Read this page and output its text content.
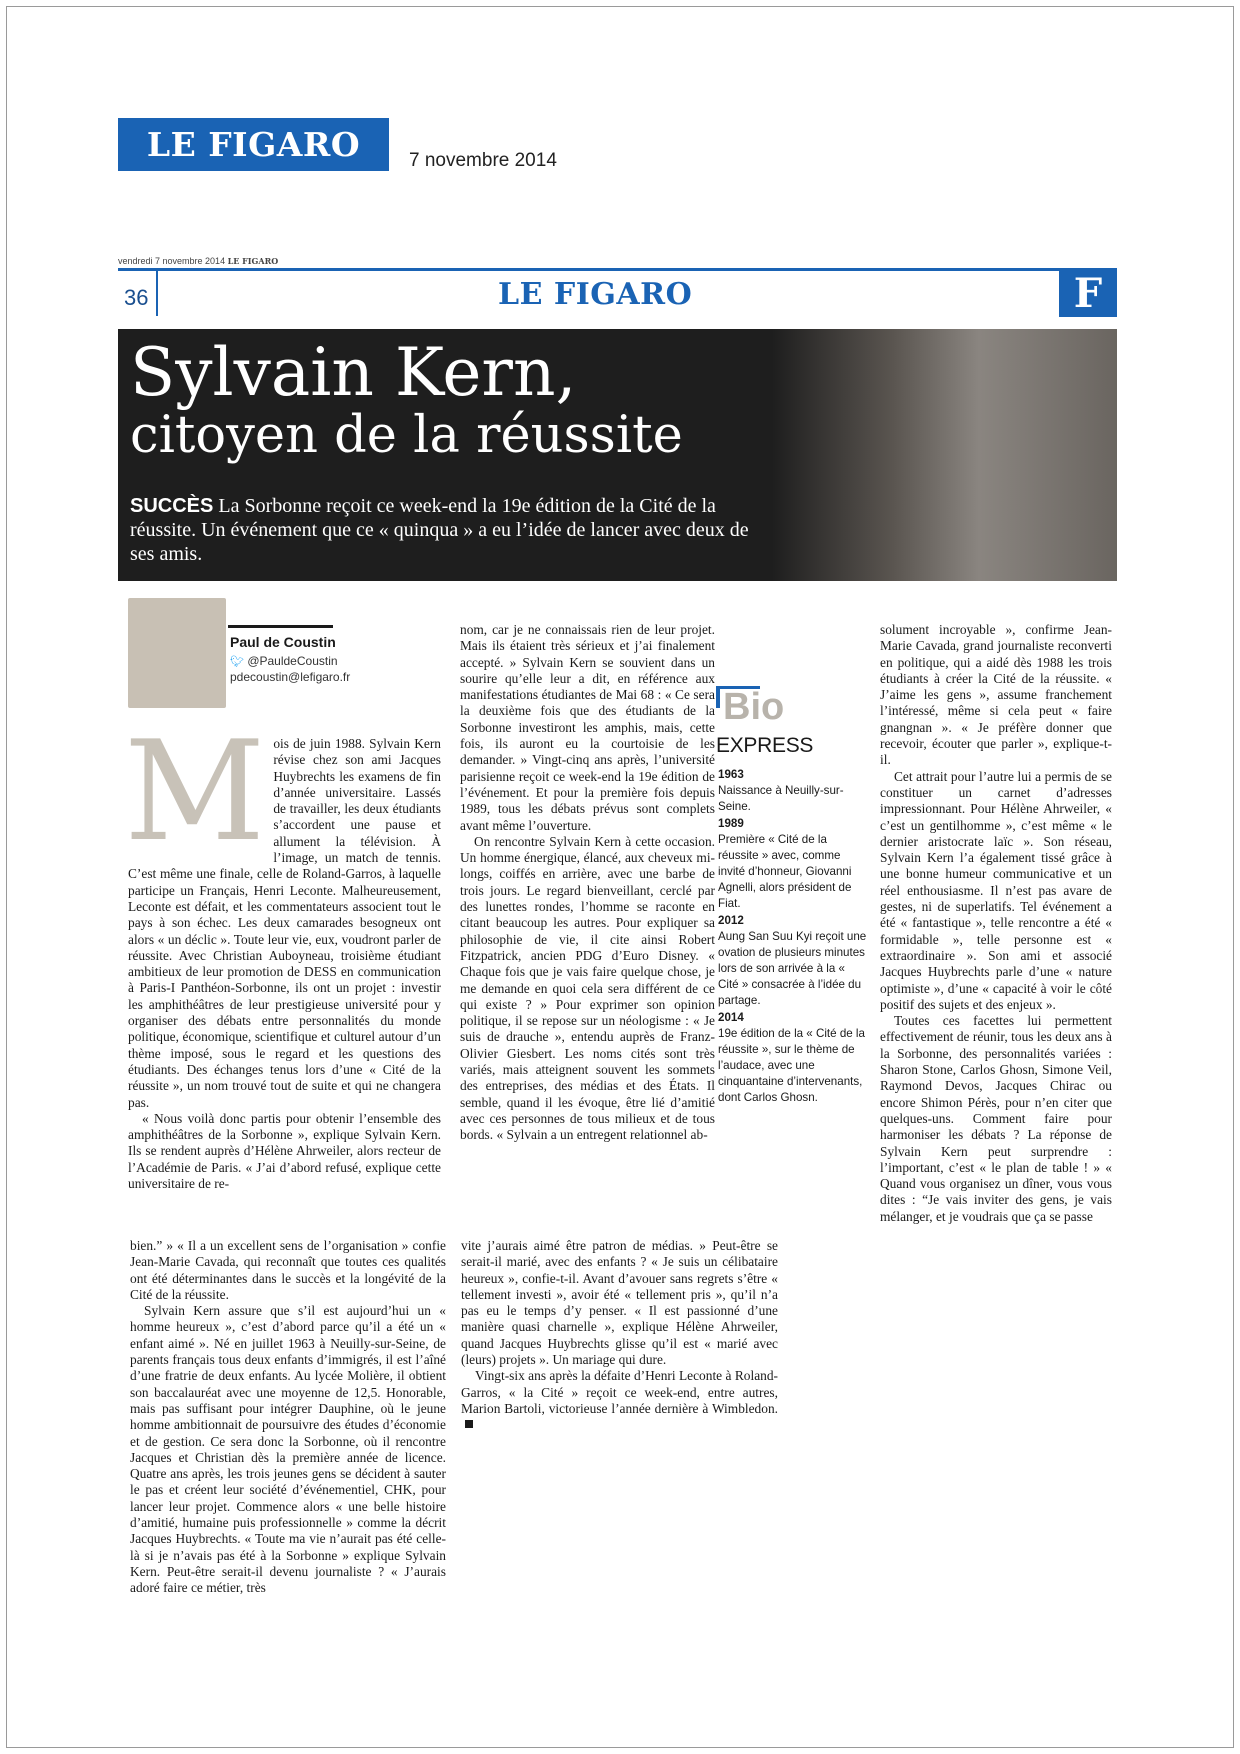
LE FIGARO	7 novembre 2014
vendredi 7 novembre 2014 LE FIGARO
36	LE FIGARO	F
Sylvain Kern,
citoyen de la réussite

SUCCÈS La Sorbonne reçoit ce week-end la 19e édition de la Cité de la réussite. Un événement que ce « quinqua » a eu l’idée de lancer avec deux de ses amis.

Paul de Coustin
🐦︎ @PauldeCoustin
pdecoustin@lefigaro.fr

M ois de juin 1988. Sylvain Kern révise chez son ami Jacques Huybrechts les examens de fin d’année universitaire. Lassés de travailler, les deux étudiants s’accordent une pause et allument la télévision. À l’image, un match de tennis. C’est même une finale, celle de Roland-Garros, à laquelle participe un Français, Henri Leconte. Malheureusement, Leconte est défait, et les commentateurs associent tout le pays à son échec. Les deux camarades besogneux ont alors « un déclic ». Toute leur vie, eux, voudront parler de réussite. Avec Christian Auboyneau, troisième étudiant ambitieux de leur promotion de DESS en communication à Paris-I Panthéon-Sorbonne, ils ont un projet : investir les amphithéâtres de leur prestigieuse université pour y organiser des débats entre personnalités du monde politique, économique, scientifique et culturel autour d’un thème imposé, sous le regard et les questions des étudiants. Des échanges tenus lors d’une « Cité de la réussite », un nom trouvé tout de suite et qui ne changera pas.

« Nous voilà donc partis pour obtenir l’ensemble des amphithéâtres de la Sorbonne », explique Sylvain Kern. Ils se rendent auprès d’Hélène Ahrweiler, alors recteur de l’Académie de Paris. « J’ai d’abord refusé, explique cette universitaire de re-

nom, car je ne connaissais rien de leur projet. Mais ils étaient très sérieux et j’ai finalement accepté. » Sylvain Kern se souvient dans un sourire qu’elle leur a dit, en référence aux manifestations étudiantes de Mai 68 : « Ce sera la deuxième fois que des étudiants de la Sorbonne investiront les amphis, mais, cette fois, ils auront eu la courtoisie de les demander. » Vingt-cinq ans après, l’université parisienne reçoit ce week-end la 19e édition de l’événement. Et pour la première fois depuis 1989, tous les débats prévus sont complets avant même l’ouverture.

On rencontre Sylvain Kern à cette occasion. Un homme énergique, élancé, aux cheveux mi-longs, coiffés en arrière, avec une barbe de trois jours. Le regard bienveillant, cerclé par des lunettes rondes, l’homme se raconte en citant beaucoup les autres. Pour expliquer sa philosophie de vie, il cite ainsi Robert Fitzpatrick, ancien PDG d’Euro Disney. « Chaque fois que je vais faire quelque chose, je me demande en quoi cela sera différent de ce qui existe ? » Pour exprimer son opinion politique, il se repose sur un néologisme : « Je suis de drauche », entendu auprès de Franz-Olivier Giesbert. Les noms cités sont très variés, mais atteignent souvent les sommets des entreprises, des médias et des États. Il semble, quand il les évoque, être lié d’amitié avec ces personnes de tous milieux et de tous bords. « Sylvain a un entregent relationnel ab-

Bio
EXPRESS
1963
Naissance à Neuilly-sur-Seine.
1989
Première « Cité de la réussite » avec, comme invité d’honneur, Giovanni Agnelli, alors président de Fiat.
2012
Aung San Suu Kyi reçoit une ovation de plusieurs minutes lors de son arrivée à la « Cité » consacrée à l’idée du partage.
2014
19e édition de la « Cité de la réussite », sur le thème de l’audace, avec une cinquantaine d’intervenants, dont Carlos Ghosn.

solument incroyable », confirme Jean-Marie Cavada, grand journaliste reconverti en politique, qui a aidé dès 1988 les trois étudiants à créer la Cité de la réussite. « J’aime les gens », assume franchement l’intéressé, même si cela peut « faire gnangnan ». « Je préfère donner que recevoir, écouter que parler », explique-t-il.

Cet attrait pour l’autre lui a permis de se constituer un carnet d’adresses impressionnant. Pour Hélène Ahrweiler, « c’est un gentilhomme », c’est même « le dernier aristocrate laïc ». Son réseau, Sylvain Kern l’a également tissé grâce à une bonne humeur communicative et un réel enthousiasme. Il n’est pas avare de gestes, ni de superlatifs. Tel événement a été « fantastique », telle rencontre a été « formidable », telle personne est « extraordinaire ». Son ami et associé Jacques Huybrechts parle d’une « nature optimiste », d’une « capacité à voir le côté positif des sujets et des enjeux ».

Toutes ces facettes lui permettent effectivement de réunir, tous les deux ans à la Sorbonne, des personnalités variées : Sharon Stone, Carlos Ghosn, Simone Veil, Raymond Devos, Jacques Chirac ou encore Shimon Pérès, pour n’en citer que quelques-uns. Comment faire pour harmoniser les débats ? La réponse de Sylvain Kern peut surprendre : l’important, c’est « le plan de table ! » « Quand vous organisez un dîner, vous vous dites : “Je vais inviter des gens, je vais mélanger, et je voudrais que ça se passe

bien.” » « Il a un excellent sens de l’organisation » confie Jean-Marie Cavada, qui reconnaît que toutes ces qualités ont été déterminantes dans le succès et la longévité de la Cité de la réussite.

Sylvain Kern assure que s’il est aujourd’hui un « homme heureux », c’est d’abord parce qu’il a été un « enfant aimé ». Né en juillet 1963 à Neuilly-sur-Seine, de parents français tous deux enfants d’immigrés, il est l’aîné d’une fratrie de deux enfants. Au lycée Molière, il obtient son baccalauréat avec une moyenne de 12,5. Honorable, mais pas suffisant pour intégrer Dauphine, où le jeune homme ambitionnait de poursuivre des études d’économie et de gestion. Ce sera donc la Sorbonne, où il rencontre Jacques et Christian dès la première année de licence. Quatre ans après, les trois jeunes gens se décident à sauter le pas et créent leur société d’événementiel, CHK, pour lancer leur projet. Commence alors « une belle histoire d’amitié, humaine puis professionnelle » comme la décrit Jacques Huybrechts. « Toute ma vie n’aurait pas été celle-là si je n’avais pas été à la Sorbonne » explique Sylvain Kern. Peut-être serait-il devenu journaliste ? « J’aurais adoré faire ce métier, très

vite j’aurais aimé être patron de médias. » Peut-être se serait-il marié, avec des enfants ? « Je suis un célibataire heureux », confie-t-il. Avant d’avouer sans regrets s’être « tellement investi », avoir été « tellement pris », qu’il n’a pas eu le temps d’y penser. « Il est passionné d’une manière quasi charnelle », explique Hélène Ahrweiler, quand Jacques Huybrechts glisse qu’il est « marié avec (leurs) projets ». Un mariage qui dure.

Vingt-six ans après la défaite d’Henri Leconte à Roland-Garros, « la Cité » reçoit ce week-end, entre autres, Marion Bartoli, victorieuse l’année dernière à Wimbledon.
